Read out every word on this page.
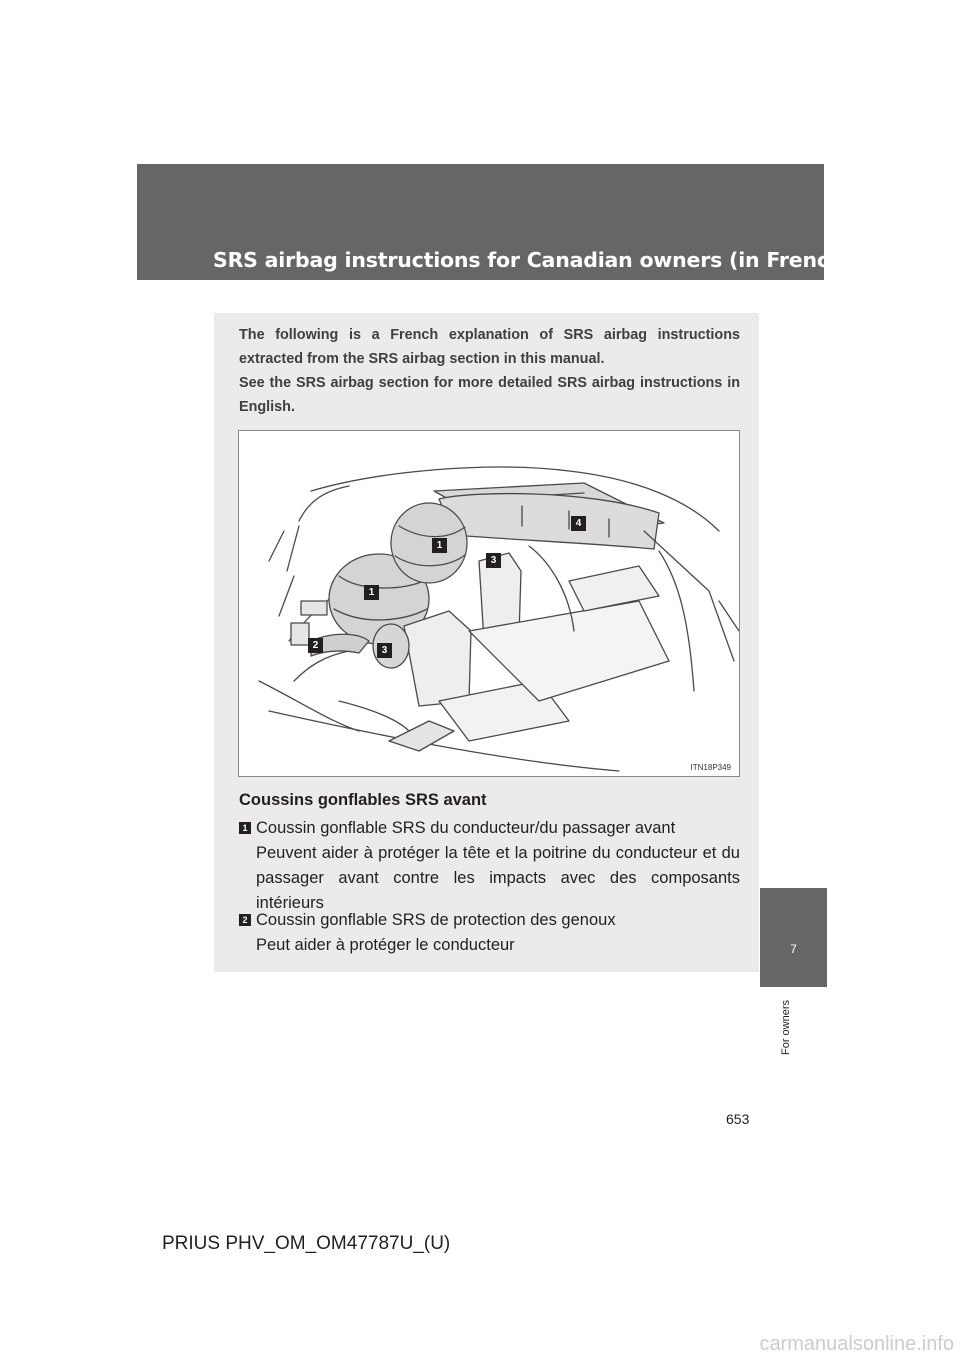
SRS airbag instructions for Canadian owners (in French)

The following is a French explanation of SRS airbag instructions extracted from the SRS airbag section in this manual.

See the SRS airbag section for more detailed SRS airbag instructions in English.

1
1
2
3
3
4
ITN18P349
Coussins gonflables SRS avant
1 Coussin gonflable SRS du conducteur/du passager avant
Peuvent aider à protéger la tête et la poitrine du conducteur et du passager avant contre les impacts avec des composants intérieurs
2 Coussin gonflable SRS de protection des genoux
Peut aider à protéger le conducteur	7
For owners
653
PRIUS PHV_OM_OM47787U_(U)
carmanualsonline.info
